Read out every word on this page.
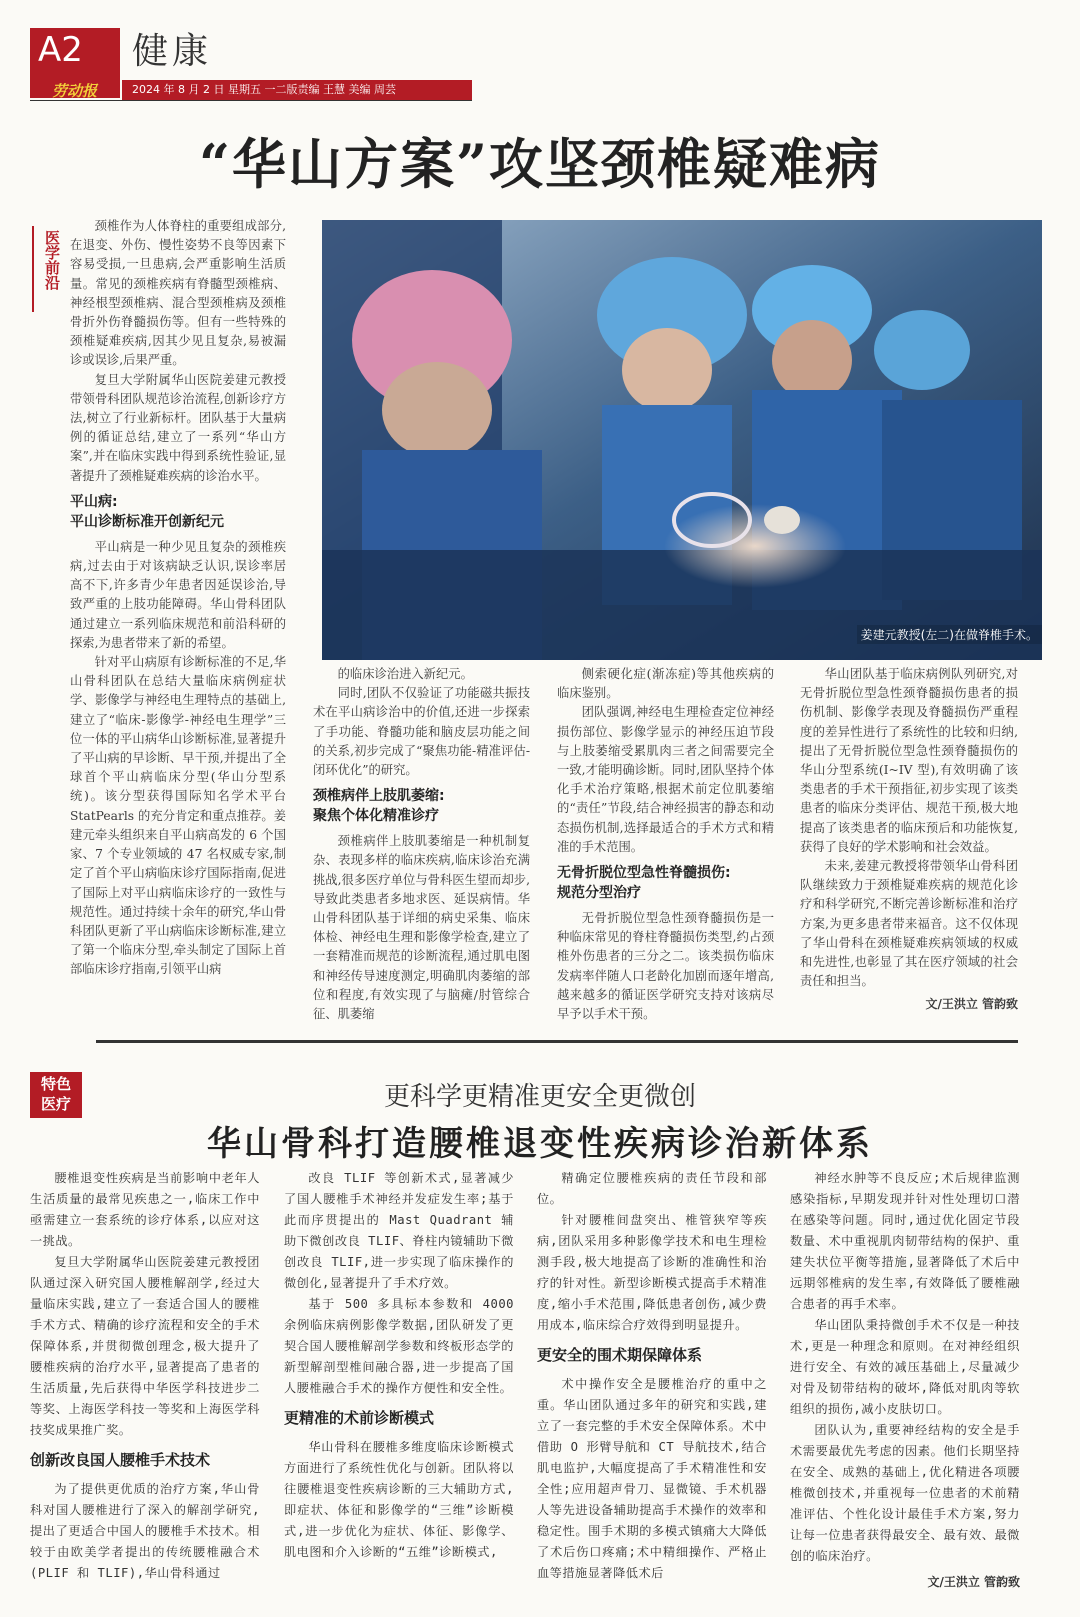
A2
劳动报
健康
2024 年 8 月 2 日 星期五 一二版责编 王慧 美编 周芸
“华山方案”攻坚颈椎疑难病
医学前沿
姜建元教授(左二)在做脊椎手术。

颈椎作为人体脊柱的重要组成部分,在退变、外伤、慢性姿势不良等因素下容易受损,一旦患病,会严重影响生活质量。常见的颈椎疾病有脊髓型颈椎病、神经根型颈椎病、混合型颈椎病及颈椎骨折外伤脊髓损伤等。但有一些特殊的颈椎疑难疾病,因其少见且复杂,易被漏诊或误诊,后果严重。

复旦大学附属华山医院姜建元教授带领骨科团队规范诊治流程,创新诊疗方法,树立了行业新标杆。团队基于大量病例的循证总结,建立了一系列“华山方案”,并在临床实践中得到系统性验证,显著提升了颈椎疑难疾病的诊治水平。

平山病:
平山诊断标准开创新纪元

平山病是一种少见且复杂的颈椎疾病,过去由于对该病缺乏认识,误诊率居高不下,许多青少年患者因延误诊治,导致严重的上肢功能障碍。华山骨科团队通过建立一系列临床规范和前沿科研的探索,为患者带来了新的希望。

针对平山病原有诊断标准的不足,华山骨科团队在总结大量临床病例症状学、影像学与神经电生理特点的基础上,建立了“临床-影像学-神经电生理学”三位一体的平山病华山诊断标准,显著提升了平山病的早诊断、早干预,并提出了全球首个平山病临床分型(华山分型系统)。该分型获得国际知名学术平台 StatPearls 的充分肯定和重点推荐。姜建元牵头组织来自平山病高发的 6 个国家、7 个专业领域的 47 名权威专家,制定了首个平山病临床诊疗国际指南,促进了国际上对平山病临床诊疗的一致性与规范性。通过持续十余年的研究,华山骨科团队更新了平山病临床诊断标准,建立了第一个临床分型,牵头制定了国际上首部临床诊疗指南,引领平山病

的临床诊治进入新纪元。

同时,团队不仅验证了功能磁共振技术在平山病诊治中的价值,还进一步探索了手功能、脊髓功能和脑皮层功能之间的关系,初步完成了“聚焦功能-精准评估-闭环优化”的研究。

颈椎病伴上肢肌萎缩:
聚焦个体化精准诊疗

颈椎病伴上肢肌萎缩是一种机制复杂、表现多样的临床疾病,临床诊治充满挑战,很多医疗单位与骨科医生望而却步,导致此类患者多地求医、延误病情。华山骨科团队基于详细的病史采集、临床体检、神经电生理和影像学检查,建立了一套精准而规范的诊断流程,通过肌电图和神经传导速度测定,明确肌肉萎缩的部位和程度,有效实现了与脑瘫/肘管综合征、肌萎缩

侧索硬化症(渐冻症)等其他疾病的临床鉴别。

团队强调,神经电生理检查定位神经损伤部位、影像学显示的神经压迫节段与上肢萎缩受累肌肉三者之间需要完全一致,才能明确诊断。同时,团队坚持个体化手术治疗策略,根据术前定位肌萎缩的“责任”节段,结合神经损害的静态和动态损伤机制,选择最适合的手术方式和精准的手术范围。

无骨折脱位型急性脊髓损伤:
规范分型治疗

无骨折脱位型急性颈脊髓损伤是一种临床常见的脊柱脊髓损伤类型,约占颈椎外伤患者的三分之二。该类损伤临床发病率伴随人口老龄化加剧而逐年增高,越来越多的循证医学研究支持对该病尽早予以手术干预。

华山团队基于临床病例队列研究,对无骨折脱位型急性颈脊髓损伤患者的损伤机制、影像学表现及脊髓损伤严重程度的差异性进行了系统性的比较和归纳,提出了无骨折脱位型急性颈脊髓损伤的华山分型系统(I~IV 型),有效明确了该类患者的手术干预指征,初步实现了该类患者的临床分类评估、规范干预,极大地提高了该类患者的临床预后和功能恢复,获得了良好的学术影响和社会效益。

未来,姜建元教授将带领华山骨科团队继续致力于颈椎疑难疾病的规范化诊疗和科学研究,不断完善诊断标准和治疗方案,为更多患者带来福音。这不仅体现了华山骨科在颈椎疑难疾病领域的权威和先进性,也彰显了其在医疗领域的社会责任和担当。

文/王洪立 管韵致

特色
医疗	更科学更精准更安全更微创
华山骨科打造腰椎退变性疾病诊治新体系

腰椎退变性疾病是当前影响中老年人生活质量的最常见疾患之一,临床工作中亟需建立一套系统的诊疗体系,以应对这一挑战。

复旦大学附属华山医院姜建元教授团队通过深入研究国人腰椎解剖学,经过大量临床实践,建立了一套适合国人的腰椎手术方式、精确的诊疗流程和安全的手术保障体系,并贯彻微创理念,极大提升了腰椎疾病的治疗水平,显著提高了患者的生活质量,先后获得中华医学科技进步二等奖、上海医学科技一等奖和上海医学科技奖成果推广奖。

创新改良国人腰椎手术技术

为了提供更优质的治疗方案,华山骨科对国人腰椎进行了深入的解剖学研究,提出了更适合中国人的腰椎手术技术。相较于由欧美学者提出的传统腰椎融合术(PLIF 和 TLIF),华山骨科通过

改良 TLIF 等创新术式,显著减少了国人腰椎手术神经并发症发生率;基于此而序贯提出的 Mast Quadrant 辅助下微创改良 TLIF、脊柱内镜辅助下微创改良 TLIF,进一步实现了临床操作的微创化,显著提升了手术疗效。

基于 500 多具标本参数和 4000 余例临床病例影像学数据,团队研发了更契合国人腰椎解剖学参数和终板形态学的新型解剖型椎间融合器,进一步提高了国人腰椎融合手术的操作方便性和安全性。

更精准的术前诊断模式

华山骨科在腰椎多维度临床诊断模式方面进行了系统性优化与创新。团队将以往腰椎退变性疾病诊断的三大辅助方式,即症状、体征和影像学的“三维”诊断模式,进一步优化为症状、体征、影像学、肌电图和介入诊断的“五维”诊断模式,

精确定位腰椎疾病的责任节段和部位。

针对腰椎间盘突出、椎管狭窄等疾病,团队采用多种影像学技术和电生理检测手段,极大地提高了诊断的准确性和治疗的针对性。新型诊断模式提高手术精准度,缩小手术范围,降低患者创伤,减少费用成本,临床综合疗效得到明显提升。

更安全的围术期保障体系

术中操作安全是腰椎治疗的重中之重。华山团队通过多年的研究和实践,建立了一套完整的手术安全保障体系。术中借助 O 形臂导航和 CT 导航技术,结合肌电监护,大幅度提高了手术精准性和安全性;应用超声骨刀、显微镜、手术机器人等先进设备辅助提高手术操作的效率和稳定性。围手术期的多模式镇痛大大降低了术后伤口疼痛;术中精细操作、严格止血等措施显著降低术后

神经水肿等不良反应;术后规律监测感染指标,早期发现并针对性处理切口潜在感染等问题。同时,通过优化固定节段数量、术中重视肌肉韧带结构的保护、重建失状位平衡等措施,显著降低了术后中远期邻椎病的发生率,有效降低了腰椎融合患者的再手术率。

华山团队秉持微创手术不仅是一种技术,更是一种理念和原则。在对神经组织进行安全、有效的减压基础上,尽量减少对骨及韧带结构的破坏,降低对肌肉等软组织的损伤,减小皮肤切口。

团队认为,重要神经结构的安全是手术需要最优先考虑的因素。他们长期坚持在安全、成熟的基础上,优化精进各项腰椎微创技术,并重视每一位患者的术前精准评估、个性化设计最佳手术方案,努力让每一位患者获得最安全、最有效、最微创的临床治疗。

文/王洪立 管韵致
